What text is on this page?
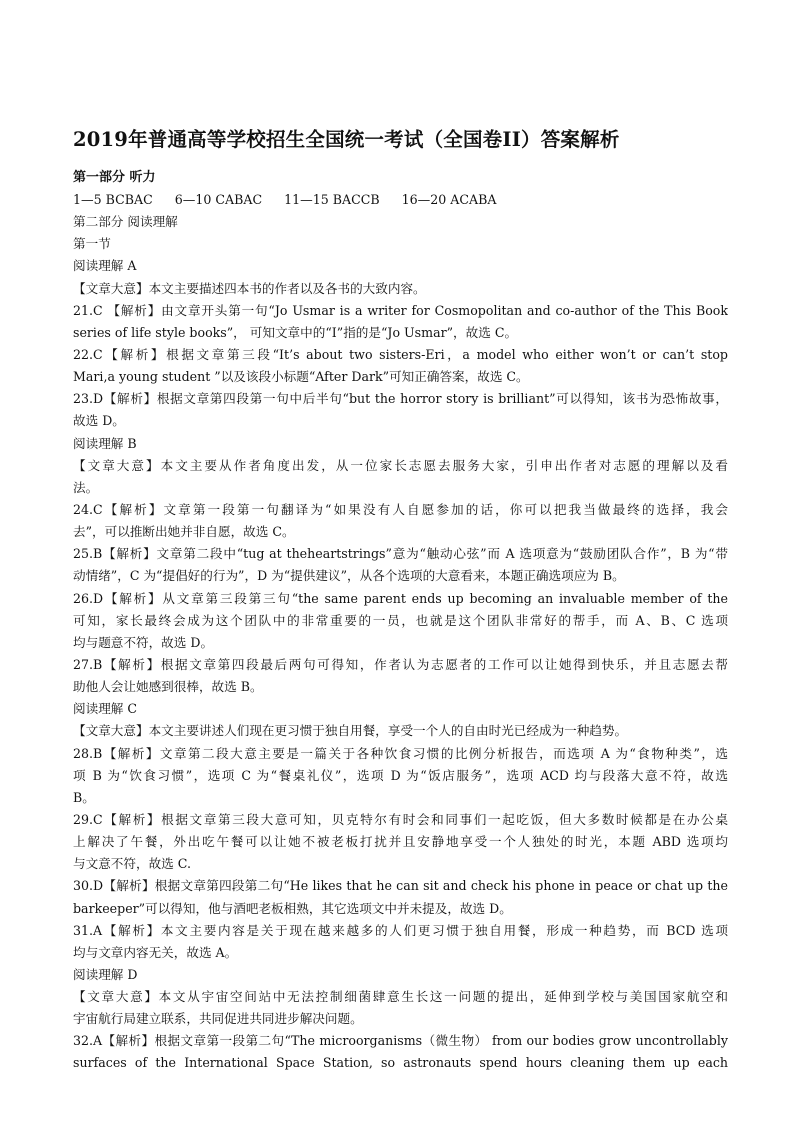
2019年普通高等学校招生全国统一考试（全国卷II）答案解析
第一部分 听力
1—5 BCBAC 6—10 CABAC 11—15 BACCB 16—20 ACABA
第二部分 阅读理解
第一节
阅读理解 A
【文章大意】本文主要描述四本书的作者以及各书的大致内容。
21.C 【解析】由文章开头第一句“Jo Usmar is a writer for Cosmopolitan and co-author of the This Book
series of life style books”， 可知文章中的“I”指的是“Jo Usmar”，故选 C。
22.C【解析】根据文章第三段“It’s about two sisters-Eri，a model who either won’t or can’t stop
Mari,a young student ”以及该段小标题“After Dark”可知正确答案，故选 C。
23.D【解析】根据文章第四段第一句中后半句“but the horror story is brilliant”可以得知，该书为恐怖故事，
故选 D。
阅读理解 B
【文章大意】本文主要从作者角度出发，从一位家长志愿去服务大家，引申出作者对志愿的理解以及看
法。
24.C【解析】文章第一段第一句翻译为“如果没有人自愿参加的话，你可以把我当做最终的选择，我会
去”，可以推断出她并非自愿，故选 C。
25.B【解析】文章第二段中“tug at theheartstrings”意为“触动心弦”而 A 选项意为“鼓励团队合作”，B 为“带
动情绪”，C 为“提倡好的行为”，D 为“提供建议”，从各个选项的大意看来，本题正确选项应为 B。
26.D【解析】从文章第三段第三句“the same parent ends up becoming an invaluable member of the
可知，家长最终会成为这个团队中的非常重要的一员，也就是这个团队非常好的帮手，而 A、B、C 选项
均与题意不符，故选 D。
27.B【解析】根据文章第四段最后两句可得知，作者认为志愿者的工作可以让她得到快乐，并且志愿去帮
助他人会让她感到很棒，故选 B。
阅读理解 C
【文章大意】本文主要讲述人们现在更习惯于独自用餐，享受一个人的自由时光已经成为一种趋势。
28.B【解析】文章第二段大意主要是一篇关于各种饮食习惯的比例分析报告，而选项 A 为“食物种类”，选
项 B 为“饮食习惯”，选项 C 为“餐桌礼仪”，选项 D 为“饭店服务”，选项 ACD 均与段落大意不符，故选
B。
29.C【解析】根据文章第三段大意可知，贝克特尔有时会和同事们一起吃饭，但大多数时候都是在办公桌
上解决了午餐，外出吃午餐可以让她不被老板打扰并且安静地享受一个人独处的时光，本题 ABD 选项均
与文意不符，故选 C.
30.D【解析】根据文章第四段第二句“He likes that he can sit and check his phone in peace or chat up the
barkeeper”可以得知，他与酒吧老板相熟，其它选项文中并未提及，故选 D。
31.A【解析】本文主要内容是关于现在越来越多的人们更习惯于独自用餐，形成一种趋势，而 BCD 选项
均与文章内容无关，故选 A。
阅读理解 D
【文章大意】本文从宇宙空间站中无法控制细菌肆意生长这一问题的提出，延伸到学校与美国国家航空和
宇宙航行局建立联系，共同促进共同进步解决问题。
32.A【解析】根据文章第一段第二句“The microorganisms（微生物） from our bodies grow uncontrollably
surfaces of the International Space Station, so astronauts spend hours cleaning them up each
